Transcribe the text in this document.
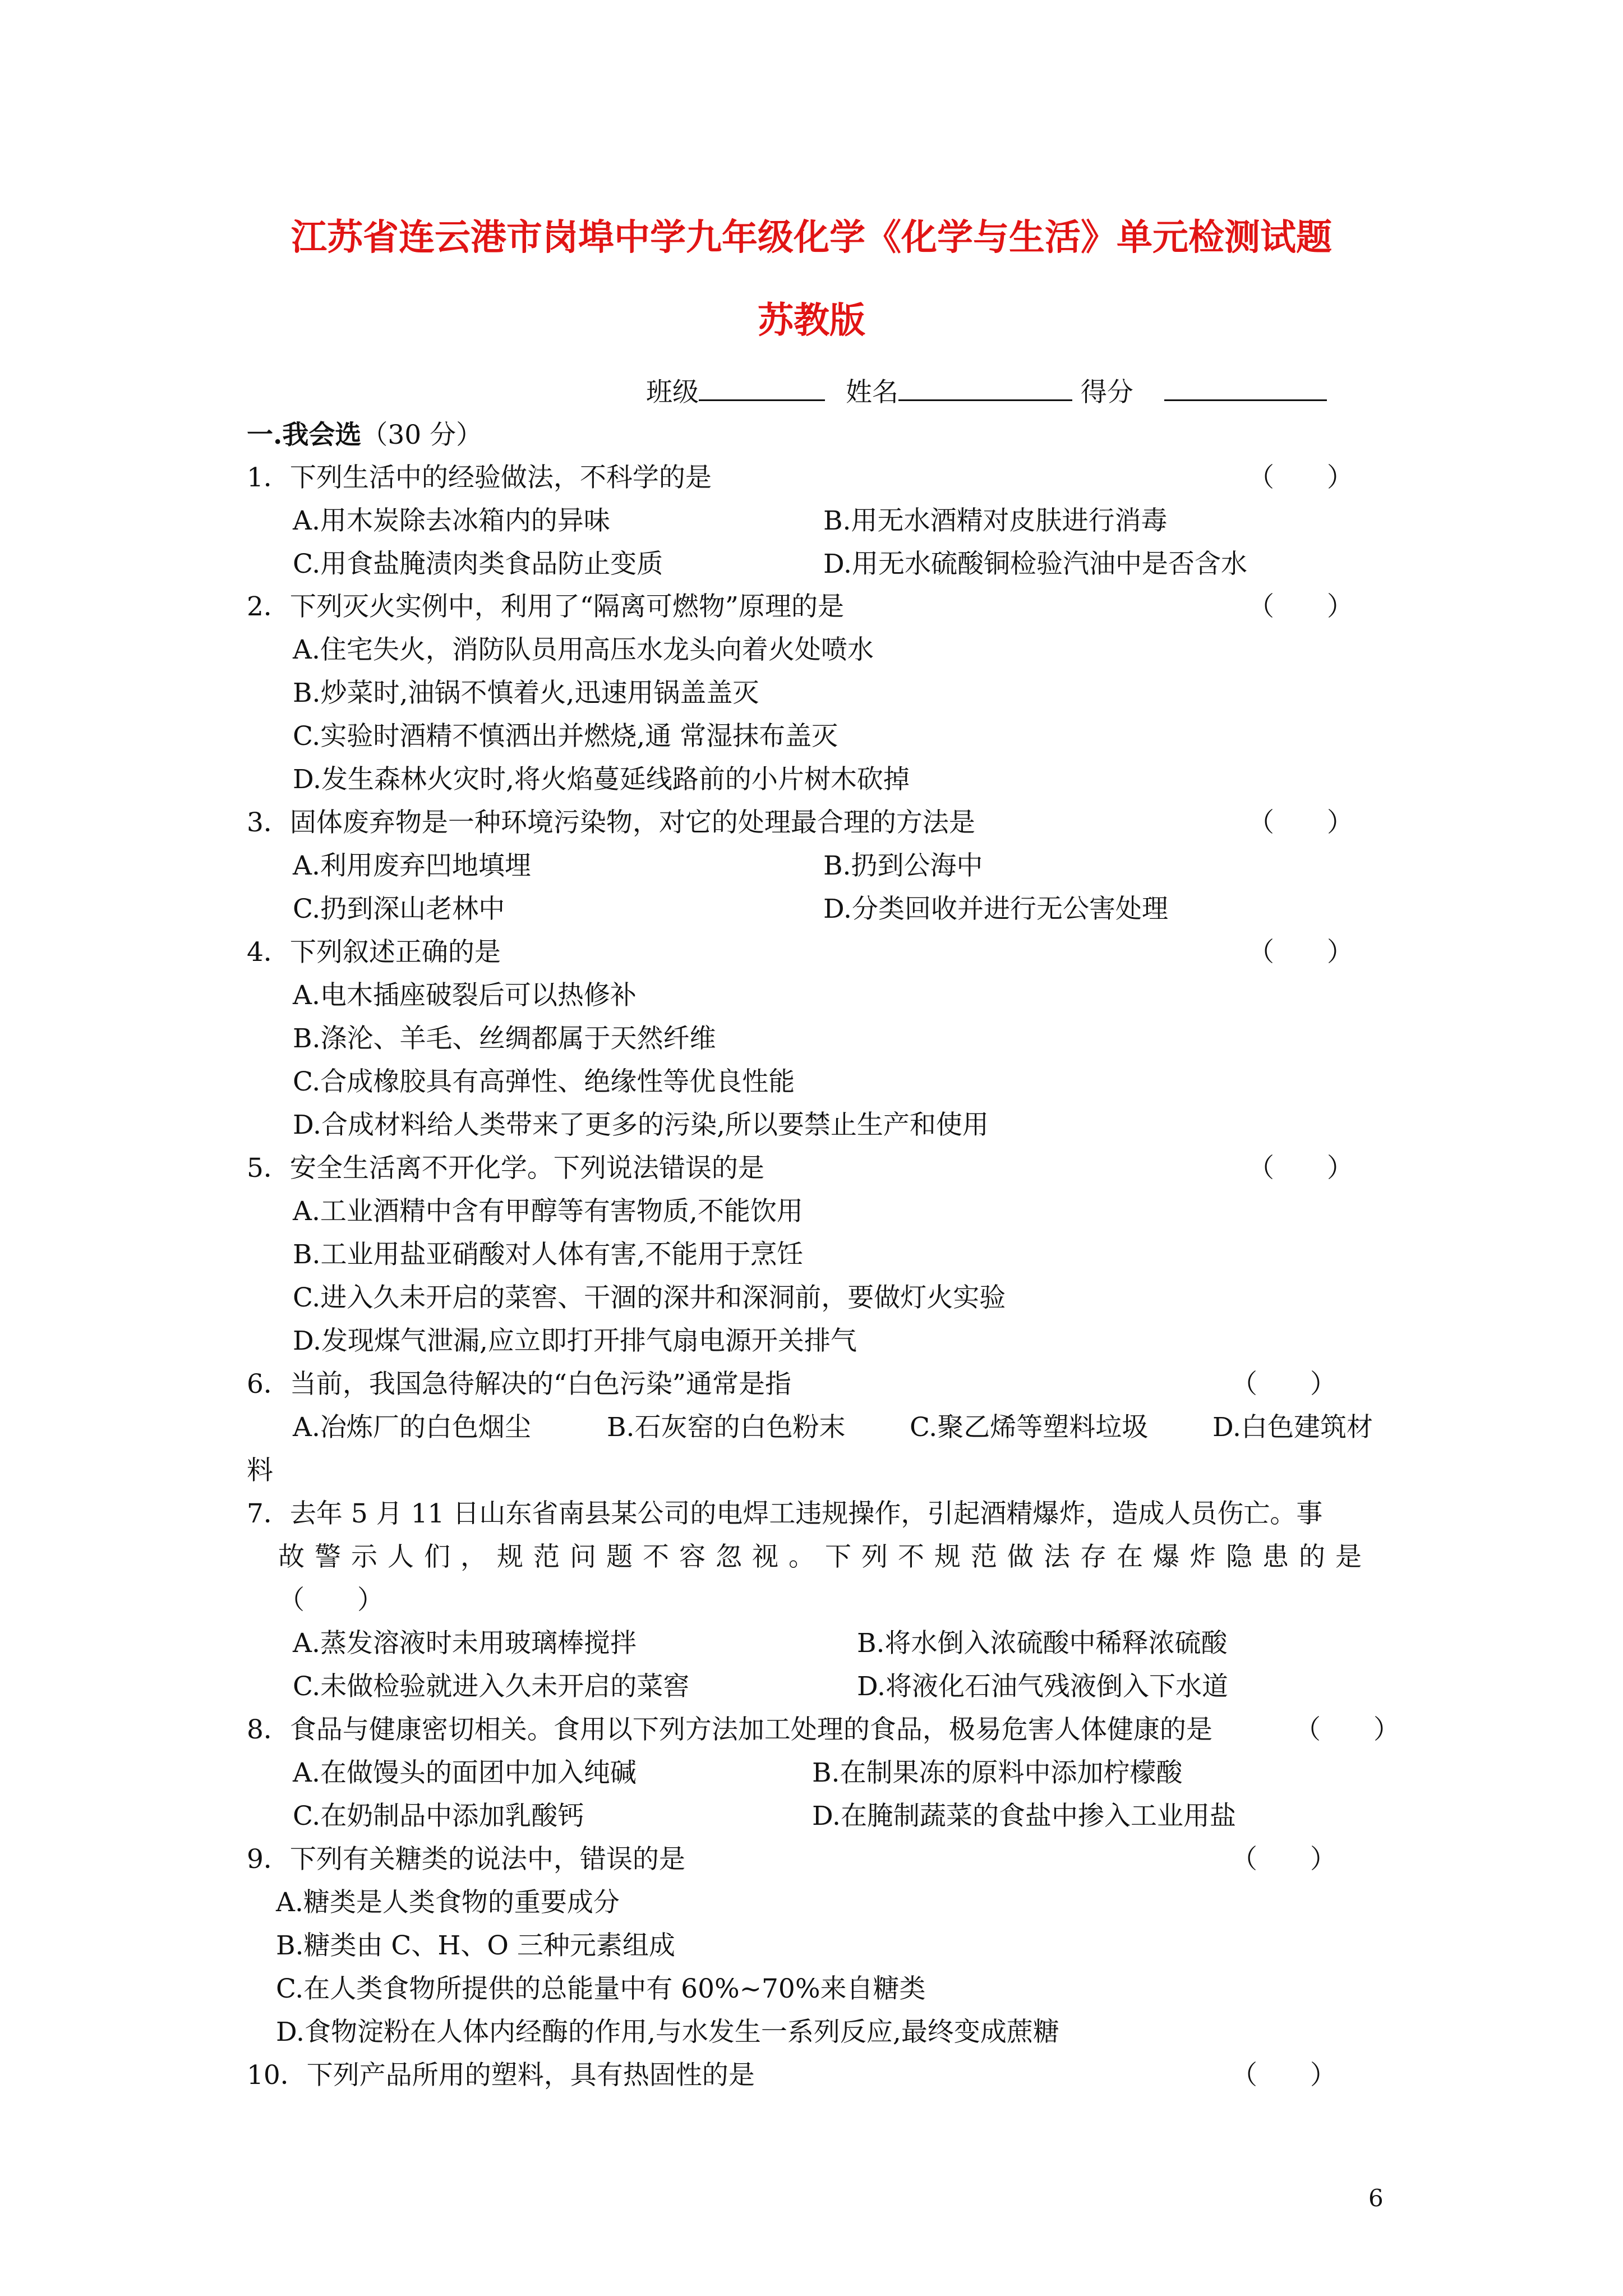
江苏省连云港市岗埠中学九年级化学《化学与生活》单元检测试题
苏教版
班级	姓名	得分
一.我会选（30 分）
1．下列生活中的经验做法，不科学的是	（　　）
A.用木炭除去冰箱内的异味	B.用无水酒精对皮肤进行消毒
C.用食盐腌渍肉类食品防止变质	D.用无水硫酸铜检验汽油中是否含水
2．下列灭火实例中，利用了“隔离可燃物”原理的是	（　　）
A.住宅失火，消防队员用高压水龙头向着火处喷水
B.炒菜时,油锅不慎着火,迅速用锅盖盖灭
C.实验时酒精不慎洒出并燃烧,通 常湿抹布盖灭
D.发生森林火灾时,将火焰蔓延线路前的小片树木砍掉
3．固体废弃物是一种环境污染物，对它的处理最合理的方法是	（　　）
A.利用废弃凹地填埋	B.扔到公海中
C.扔到深山老林中	D.分类回收并进行无公害处理
4．下列叙述正确的是	（　　）
A.电木插座破裂后可以热修补
B.涤沦、羊毛、丝绸都属于天然纤维
C.合成橡胶具有高弹性、绝缘性等优良性能
D.合成材料给人类带来了更多的污染,所以要禁止生产和使用
5．安全生活离不开化学。下列说法错误的是	（　　）
A.工业酒精中含有甲醇等有害物质,不能饮用
B.工业用盐亚硝酸对人体有害,不能用于烹饪
C.进入久未开启的菜窖、干涸的深井和深洞前，要做灯火实验
D.发现煤气泄漏,应立即打开排气扇电源开关排气
6．当前，我国急待解决的“白色污染”通常是指	（　　）
A.冶炼厂的白色烟尘	B.石灰窑的白色粉末 C.聚乙烯等塑料垃圾 D.白色建筑材
料
7．去年 5 月 11 日山东省南县某公司的电焊工违规操作，引起酒精爆炸，造成人员伤亡。事
故警示人们，规范问题不容忽视。下列不规范做法存在爆炸隐患的是
（　　）
A.蒸发溶液时未用玻璃棒搅拌	B.将水倒入浓硫酸中稀释浓硫酸
C.未做检验就进入久未开启的菜窖	D.将液化石油气残液倒入下水道
8．食品与健康密切相关。食用以下列方法加工处理的食品，极易危害人体健康的是	（　　）
A.在做馒头的面团中加入纯碱	B.在制果冻的原料中添加柠檬酸
C.在奶制品中添加乳酸钙	D.在腌制蔬菜的食盐中掺入工业用盐
9．下列有关糖类的说法中，错误的是	（　　）
A.糖类是人类食物的重要成分
B.糖类由 C、H、O 三种元素组成
C.在人类食物所提供的总能量中有 60%~70%来自糖类
D.食物淀粉在人体内经酶的作用,与水发生一系列反应,最终变成蔗糖
10．下列产品所用的塑料，具有热固性的是	（　　）
6
